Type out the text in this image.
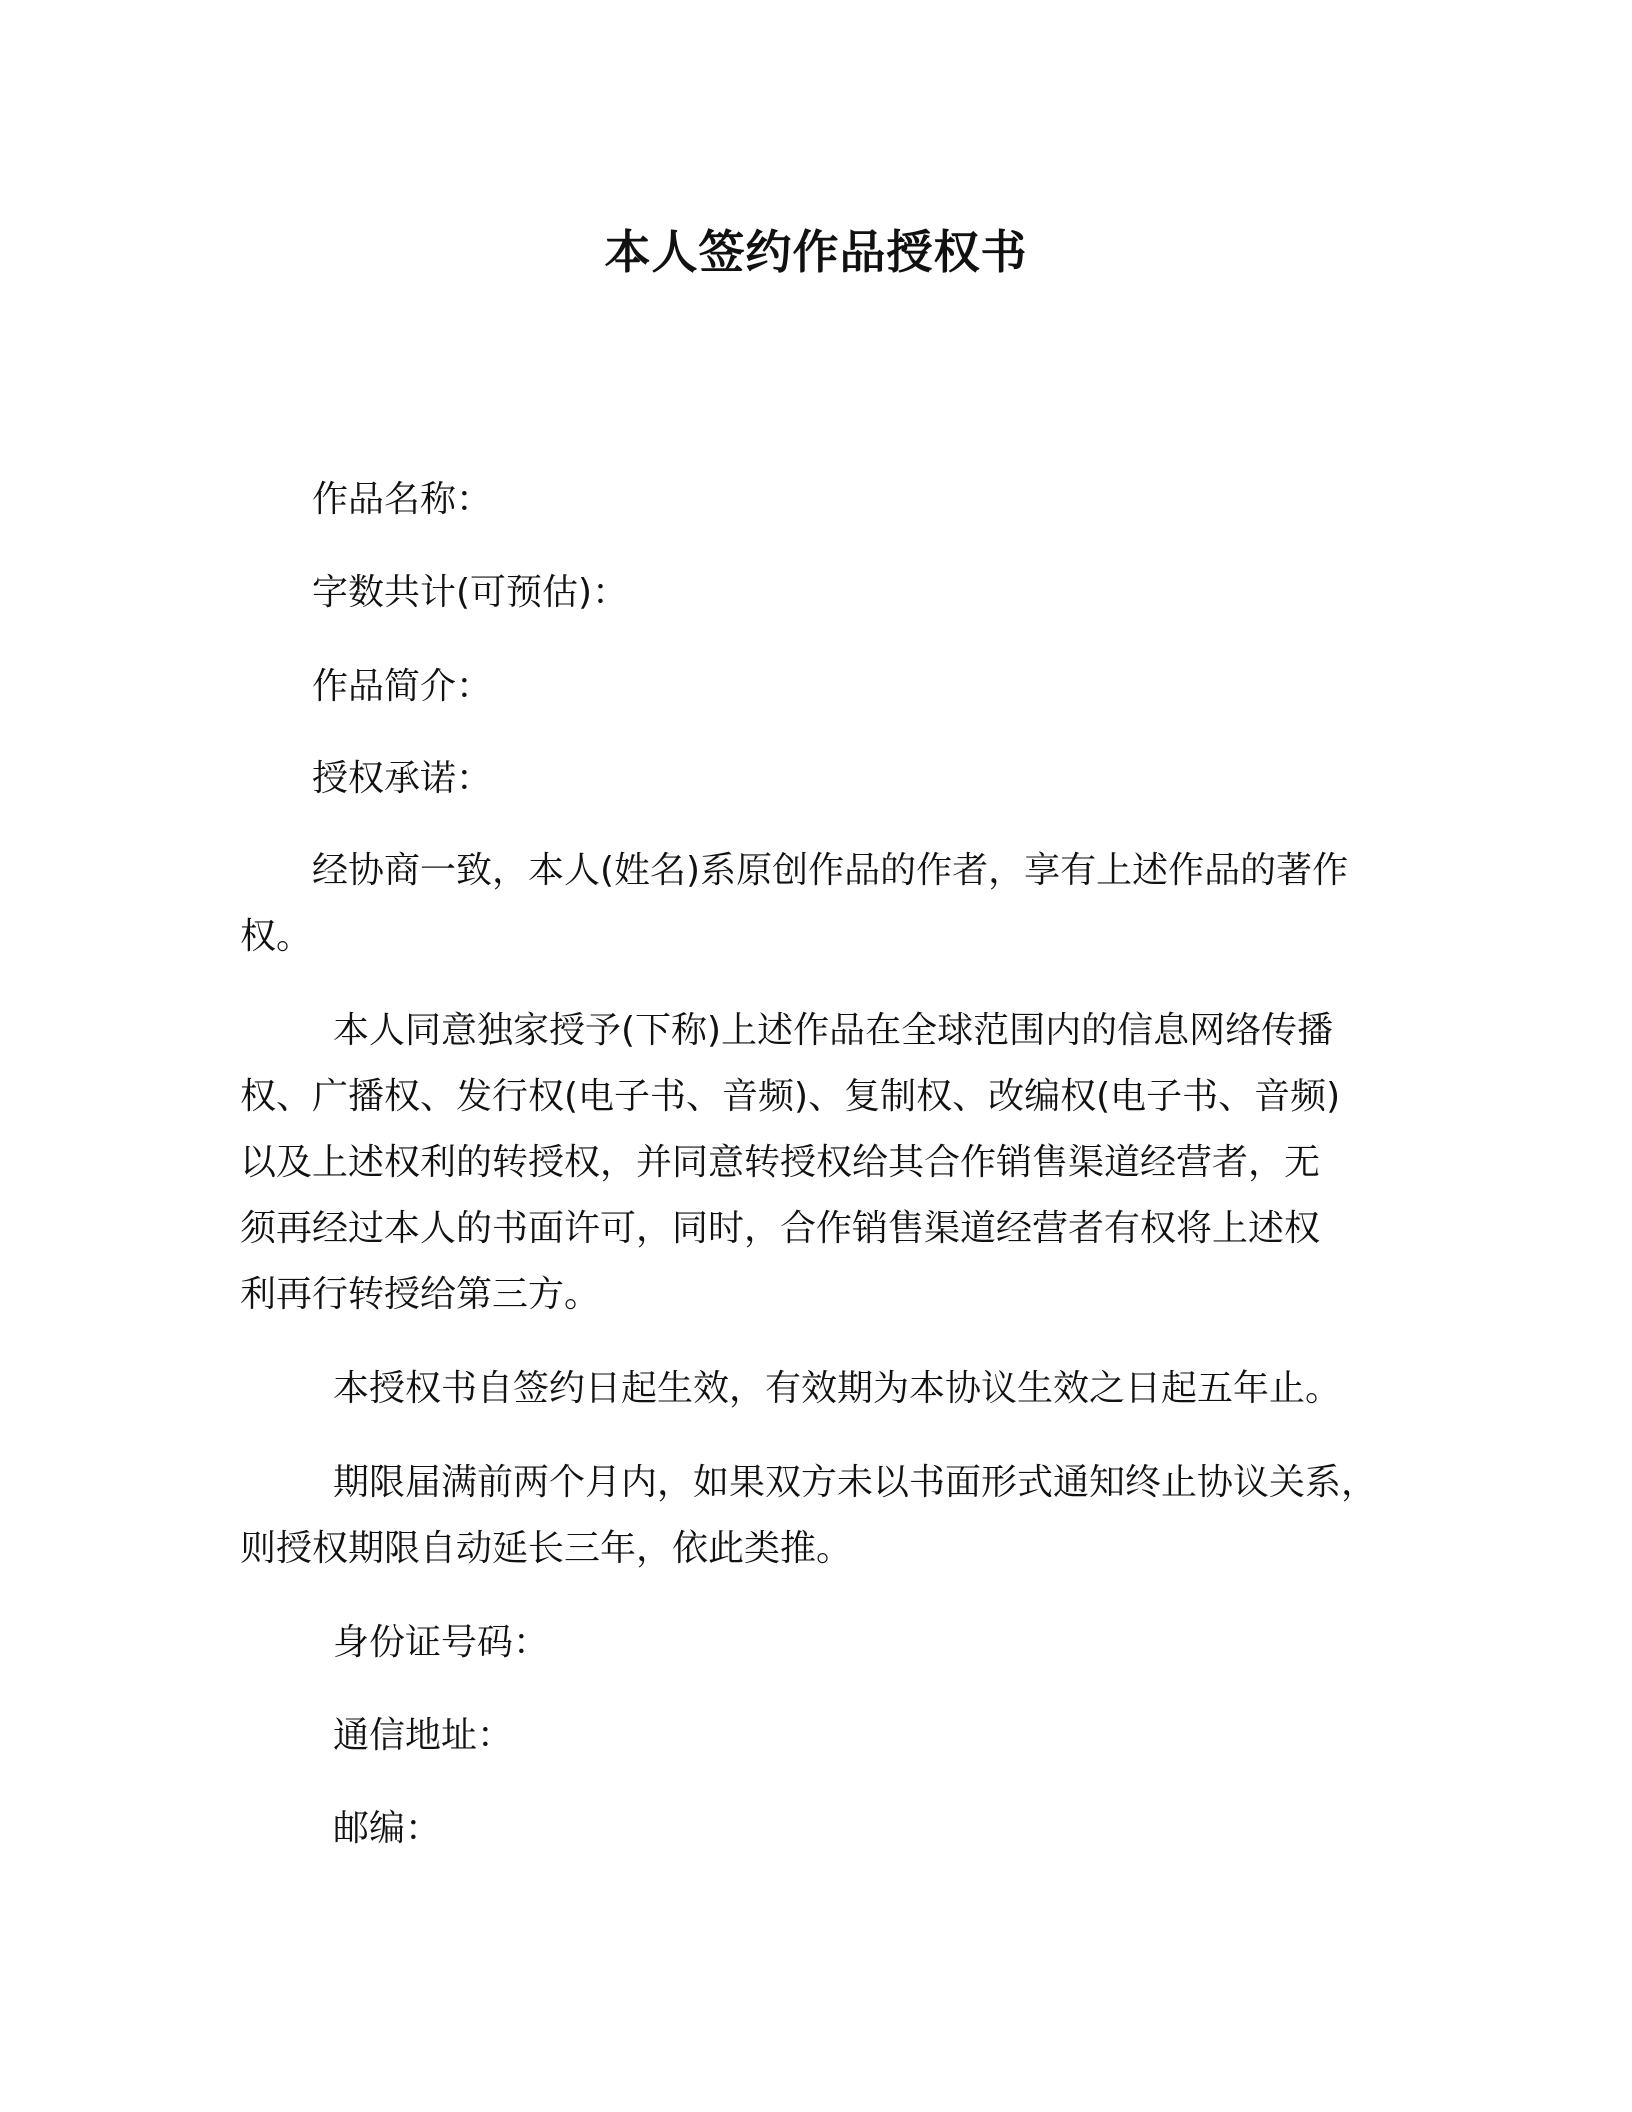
本人签约作品授权书
作品名称：
字数共计(可预估)：
作品简介：
授权承诺：
经协商一致，本人(姓名)系原创作品的作者，享有上述作品的著作
权。
本人同意独家授予(下称)上述作品在全球范围内的信息网络传播
权、广播权、发行权(电子书、音频)、复制权、改编权(电子书、音频)
以及上述权利的转授权，并同意转授权给其合作销售渠道经营者，无
须再经过本人的书面许可，同时，合作销售渠道经营者有权将上述权
利再行转授给第三方。
本授权书自签约日起生效，有效期为本协议生效之日起五年止。
期限届满前两个月内，如果双方未以书面形式通知终止协议关系，
则授权期限自动延长三年，依此类推。
身份证号码：
通信地址：
邮编：
